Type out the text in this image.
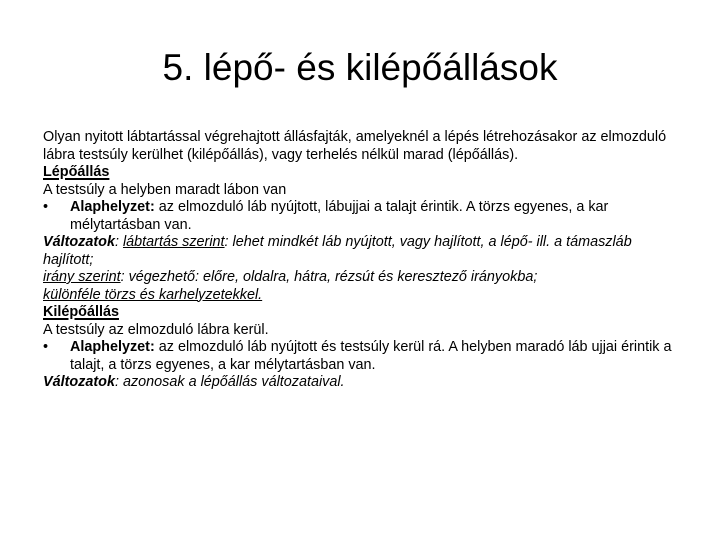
5. lépő- és kilépőállások

Olyan nyitott lábtartással végrehajtott állásfajták, amelyeknél a lépés létrehozásakor az elmozduló lábra testsúly kerülhet (kilépőállás), vagy terhelés nélkül marad (lépőállás).

Lépőállás

A testsúly a helyben maradt lábon van

•	Alaphelyzet: az elmozduló láb nyújtott, lábujjai a talajt érintik. A törzs egyenes, a kar mélytartásban van.

Változatok: lábtartás szerint: lehet mindkét láb nyújtott, vagy hajlított, a lépő- ill. a támaszláb hajlított;

irány szerint: végezhető: előre, oldalra, hátra, rézsút és keresztező irányokba;

különféle törzs és karhelyzetekkel.

Kilépőállás

A testsúly az elmozduló lábra kerül.

•	Alaphelyzet: az elmozduló láb nyújtott és testsúly kerül rá. A helyben maradó láb ujjai érintik a talajt, a törzs egyenes, a kar mélytartásban van.

Változatok: azonosak a lépőállás változataival.
